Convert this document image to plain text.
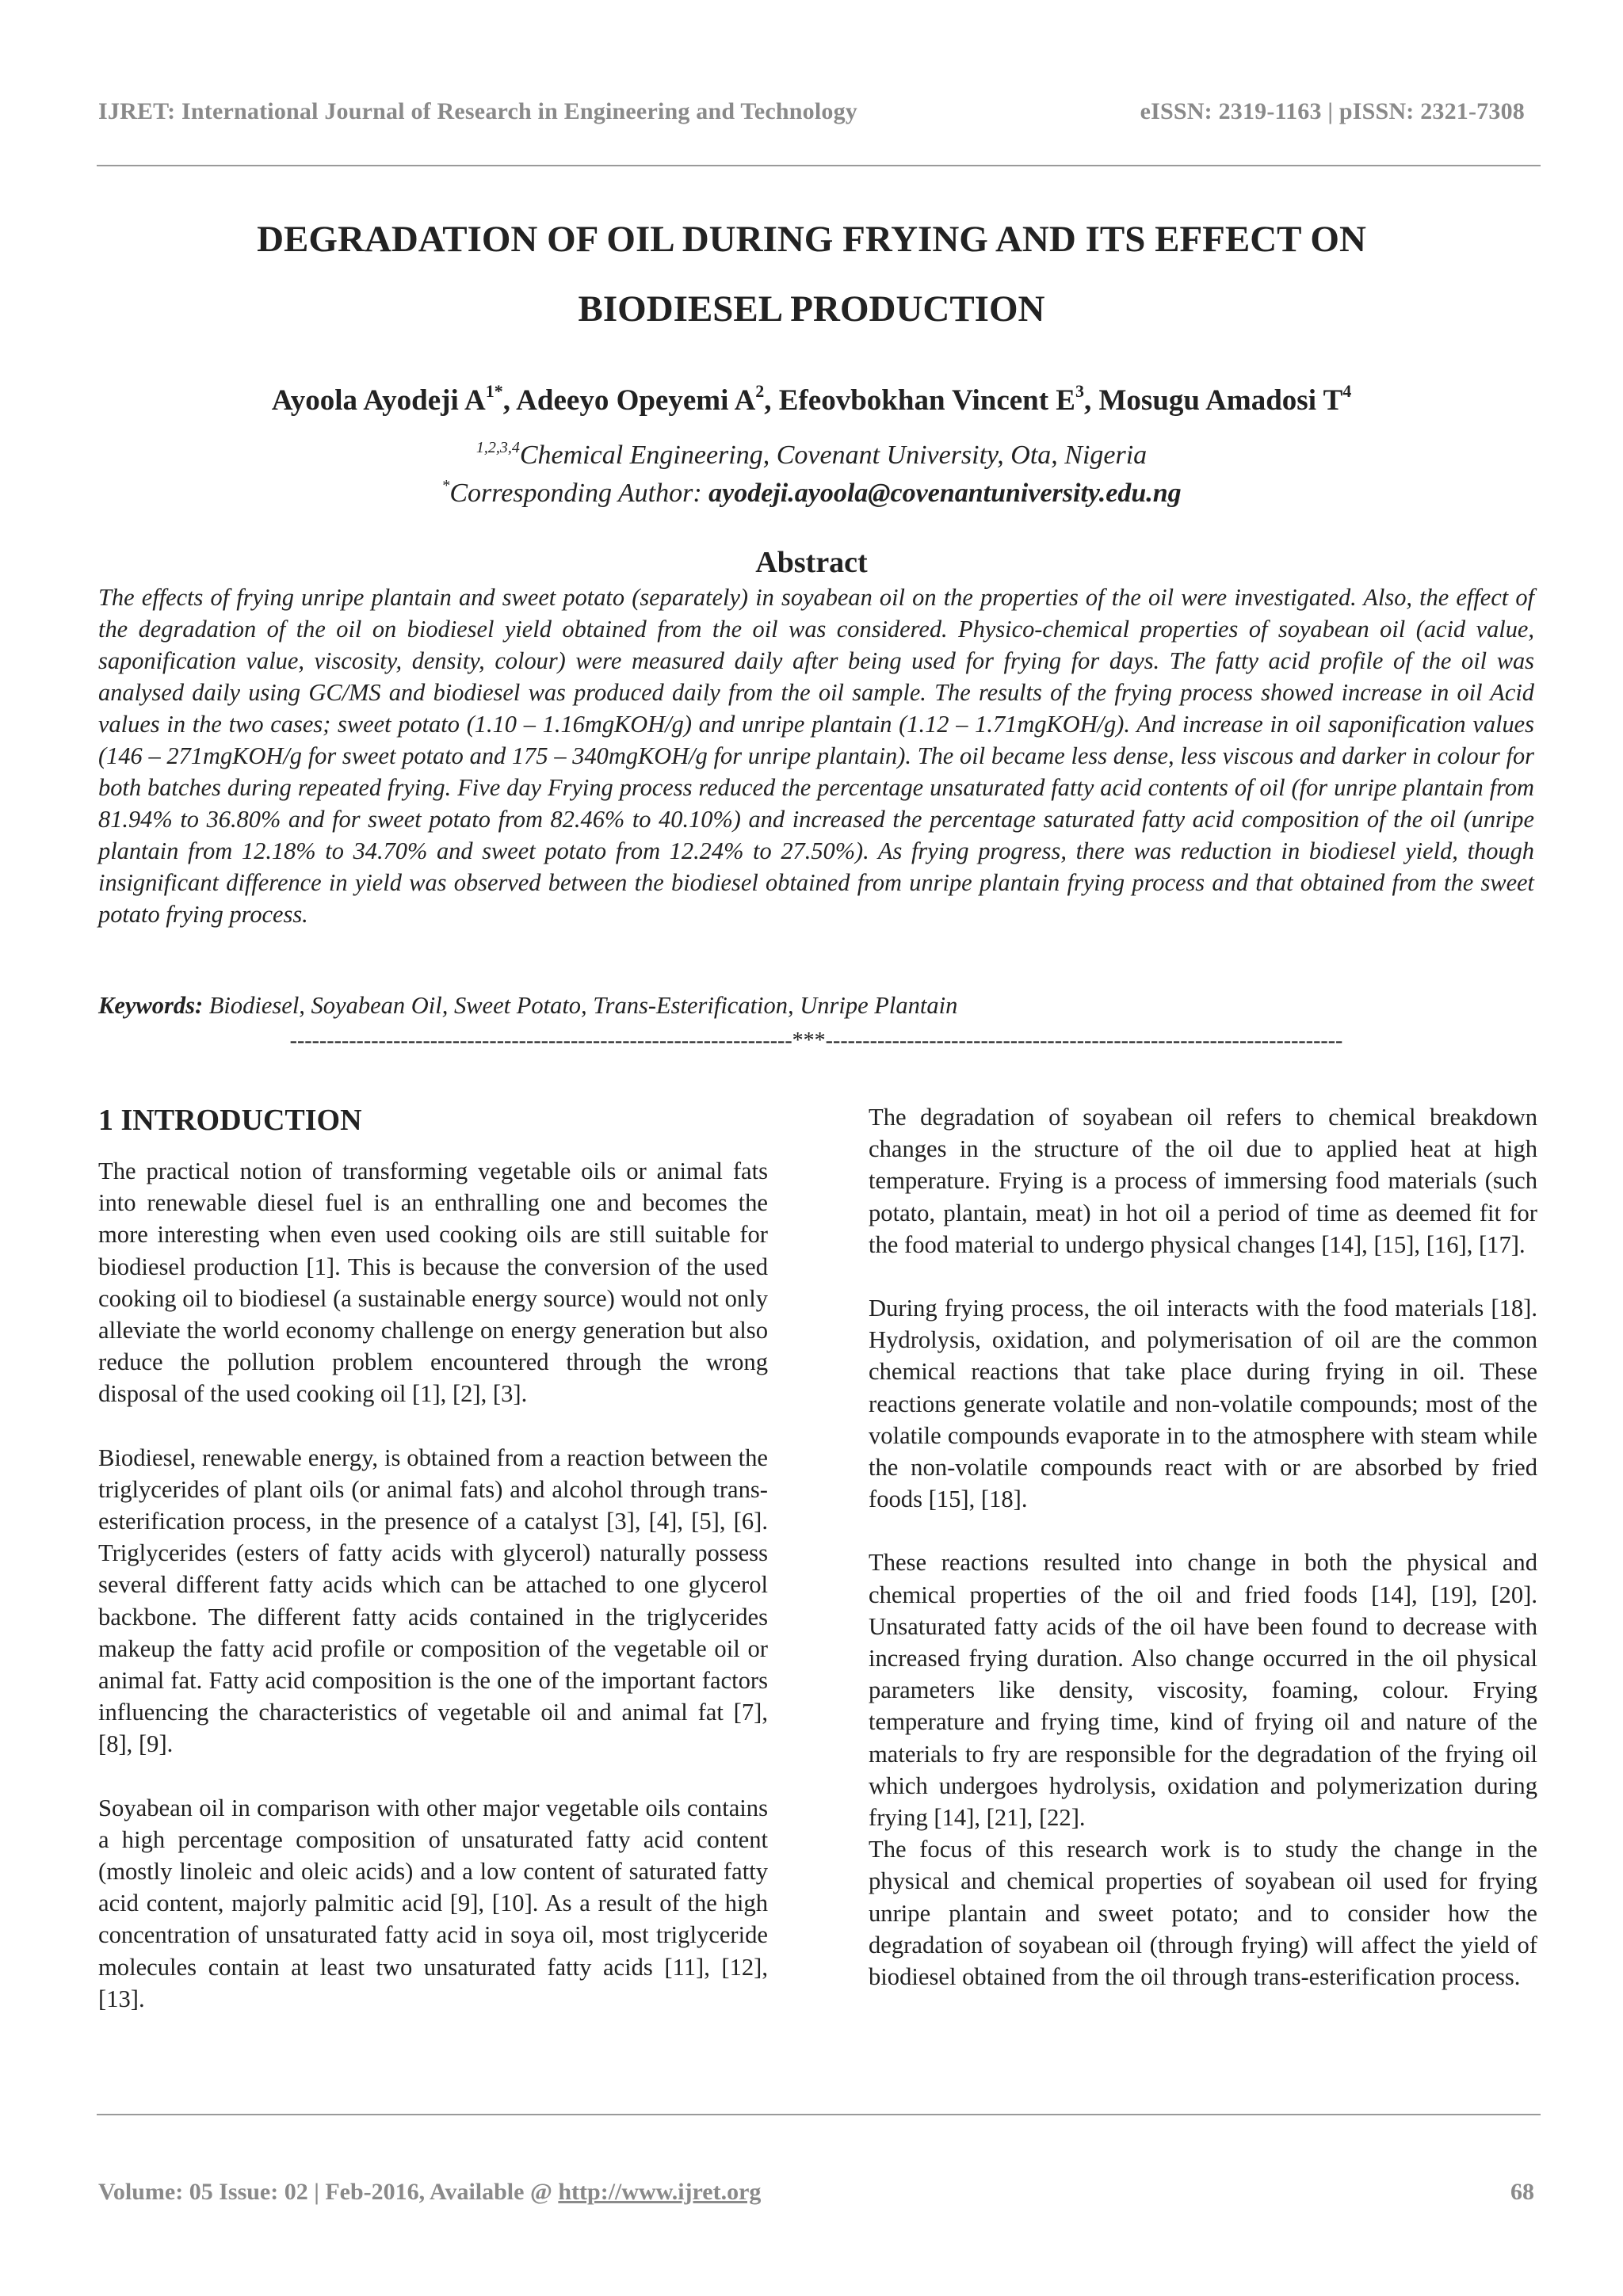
IJRET: International Journal of Research in Engineering and Technology	eISSN: 2319-1163 | pISSN: 2321-7308
DEGRADATION OF OIL DURING FRYING AND ITS EFFECT ON
BIODIESEL PRODUCTION
Ayoola Ayodeji $A^{1*}$, Adeeyo Opeyemi $A^2$, Efeovbokhan Vincent $E^3$, Mosugu Amadosi $T^4$
$^{1,2,3,4}$Chemical Engineering, Covenant University, Ota, Nigeria
*Corresponding Author: ayodeji.ayoola@covenantuniversity.edu.ng
Abstract
The effects of frying unripe plantain and sweet potato (separately) in soyabean oil on the properties of the oil were investigated. Also, the effect of the degradation of the oil on biodiesel yield obtained from the oil was considered. Physico-chemical properties of soyabean oil (acid value, saponification value, viscosity, density, colour) were measured daily after being used for frying for days. The fatty acid profile of the oil was analysed daily using GC/MS and biodiesel was produced daily from the oil sample. The results of the frying process showed increase in oil Acid values in the two cases; sweet potato (1.10 – 1.16mgKOH/g) and unripe plantain (1.12 – 1.71mgKOH/g). And increase in oil saponification values (146 – 271mgKOH/g for sweet potato and 175 – 340mgKOH/g for unripe plantain). The oil became less dense, less viscous and darker in colour for both batches during repeated frying. Five day Frying process reduced the percentage unsaturated fatty acid contents of oil (for unripe plantain from 81.94% to 36.80% and for sweet potato from 82.46% to 40.10%) and increased the percentage saturated fatty acid composition of the oil (unripe plantain from 12.18% to 34.70% and sweet potato from 12.24% to 27.50%). As frying progress, there was reduction in biodiesel yield, though insignificant difference in yield was observed between the biodiesel obtained from unripe plantain frying process and that obtained from the sweet potato frying process.
Keywords: Biodiesel, Soyabean Oil, Sweet Potato, Trans-Esterification, Unripe Plantain
--------------------------------------------------------------------***----------------------------------------------------------------------
1 INTRODUCTION

The practical notion of transforming vegetable oils or animal fats into renewable diesel fuel is an enthralling one and becomes the more interesting when even used cooking oils are still suitable for biodiesel production [1]. This is because the conversion of the used cooking oil to biodiesel (a sustainable energy source) would not only alleviate the world economy challenge on energy generation but also reduce the pollution problem encountered through the wrong disposal of the used cooking oil [1], [2], [3].

Biodiesel, renewable energy, is obtained from a reaction between the triglycerides of plant oils (or animal fats) and alcohol through trans-esterification process, in the presence of a catalyst [3], [4], [5], [6]. Triglycerides (esters of fatty acids with glycerol) naturally possess several different fatty acids which can be attached to one glycerol backbone. The different fatty acids contained in the triglycerides makeup the fatty acid profile or composition of the vegetable oil or animal fat. Fatty acid composition is the one of the important factors influencing the characteristics of vegetable oil and animal fat [7], [8], [9].

Soyabean oil in comparison with other major vegetable oils contains a high percentage composition of unsaturated fatty acid content (mostly linoleic and oleic acids) and a low content of saturated fatty acid content, majorly palmitic acid [9], [10]. As a result of the high concentration of unsaturated fatty acid in soya oil, most triglyceride molecules contain at least two unsaturated fatty acids [11], [12], [13].

The degradation of soyabean oil refers to chemical breakdown changes in the structure of the oil due to applied heat at high temperature. Frying is a process of immersing food materials (such potato, plantain, meat) in hot oil a period of time as deemed fit for the food material to undergo physical changes [14], [15], [16], [17].

During frying process, the oil interacts with the food materials [18]. Hydrolysis, oxidation, and polymerisation of oil are the common chemical reactions that take place during frying in oil. These reactions generate volatile and non-volatile compounds; most of the volatile compounds evaporate in to the atmosphere with steam while the non-volatile compounds react with or are absorbed by fried foods [15], [18].

These reactions resulted into change in both the physical and chemical properties of the oil and fried foods [14], [19], [20]. Unsaturated fatty acids of the oil have been found to decrease with increased frying duration. Also change occurred in the oil physical parameters like density, viscosity, foaming, colour. Frying temperature and frying time, kind of frying oil and nature of the materials to fry are responsible for the degradation of the frying oil which undergoes hydrolysis, oxidation and polymerization during frying [14], [21], [22].

The focus of this research work is to study the change in the physical and chemical properties of soyabean oil used for frying unripe plantain and sweet potato; and to consider how the degradation of soyabean oil (through frying) will affect the yield of biodiesel obtained from the oil through trans-esterification process.

Volume: 05 Issue: 02 | Feb-2016, Available @ http://www.ijret.org	68
